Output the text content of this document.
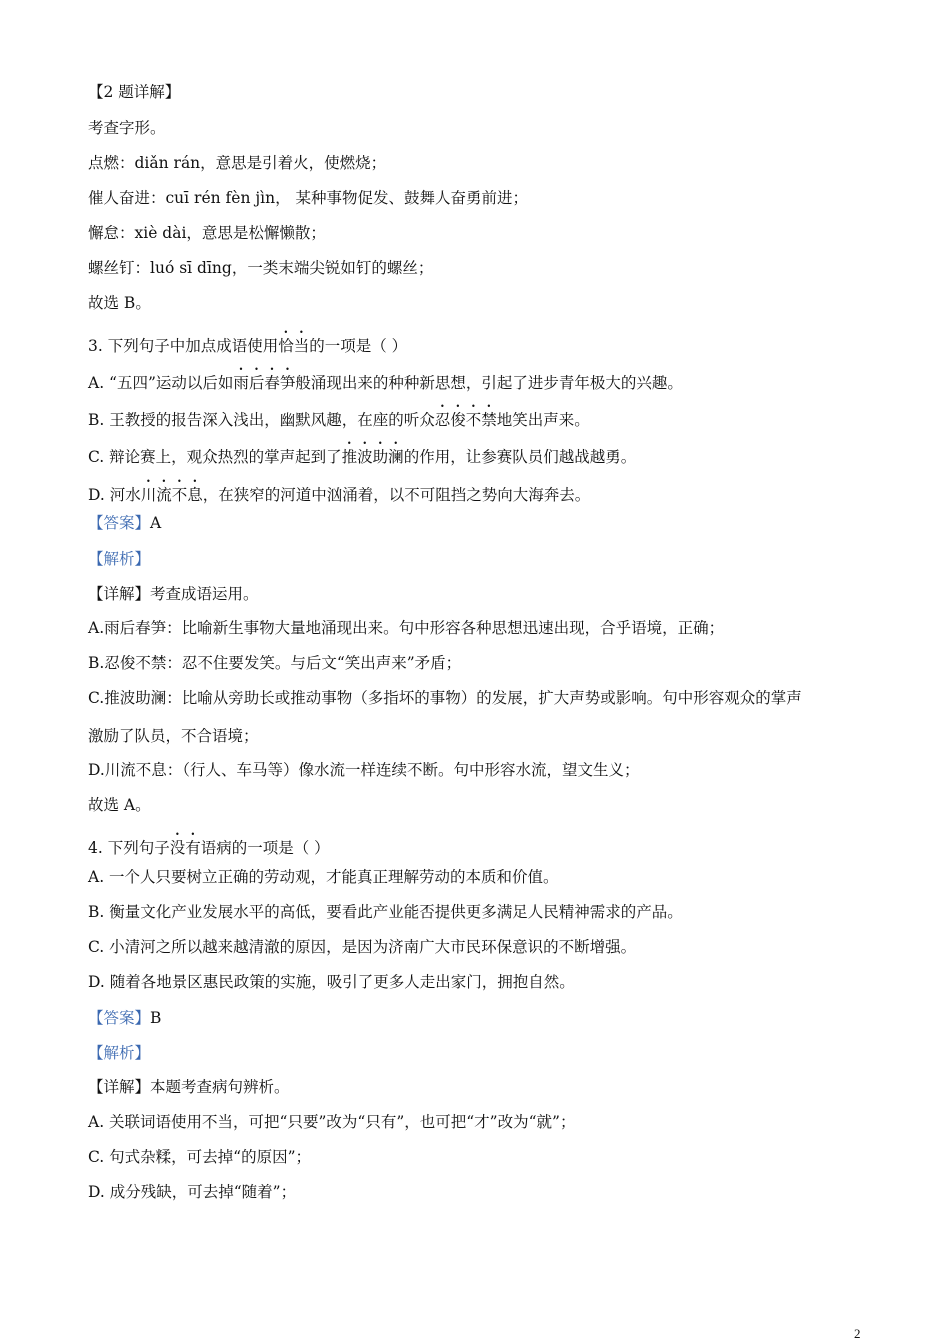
【2 题详解】
考查字形。
点燃：diǎn rán，意思是引着火，使燃烧；
催人奋进：cuī rén fèn jìn， 某种事物促发、鼓舞人奋勇前进；
懈怠：xiè dài，意思是松懈懒散；
螺丝钉：luó sī dīng，一类末端尖锐如钉的螺丝；
故选 B。
3. 下列句子中加点成语使用恰当的一项是（ ）
A. “五四”运动以后如雨后春笋般涌现出来的种种新思想，引起了进步青年极大的兴趣。
B. 王教授的报告深入浅出，幽默风趣，在座的听众忍俊不禁地笑出声来。
C. 辩论赛上，观众热烈的掌声起到了推波助澜的作用，让参赛队员们越战越勇。
D. 河水川流不息，在狭窄的河道中汹涌着，以不可阻挡之势向大海奔去。
【答案】A
【解析】
【详解】考查成语运用。
A.雨后春笋：比喻新生事物大量地涌现出来。句中形容各种思想迅速出现，合乎语境，正确；
B.忍俊不禁：忍不住要发笑。与后文“笑出声来”矛盾；
C.推波助澜：比喻从旁助长或推动事物（多指坏的事物）的发展，扩大声势或影响。句中形容观众的掌声
激励了队员，不合语境；
D.川流不息：（行人、车马等）像水流一样连续不断。句中形容水流，望文生义；
故选 A。
4. 下列句子没有语病的一项是（ ）
A. 一个人只要树立正确的劳动观，才能真正理解劳动的本质和价值。
B. 衡量文化产业发展水平的高低，要看此产业能否提供更多满足人民精神需求的产品。
C. 小清河之所以越来越清澈的原因，是因为济南广大市民环保意识的不断增强。
D. 随着各地景区惠民政策的实施，吸引了更多人走出家门，拥抱自然。
【答案】B
【解析】
【详解】本题考查病句辨析。
A. 关联词语使用不当，可把“只要”改为“只有”，也可把“才”改为“就”；
C. 句式杂糅，可去掉“的原因”；
D. 成分残缺，可去掉“随着”；
2
